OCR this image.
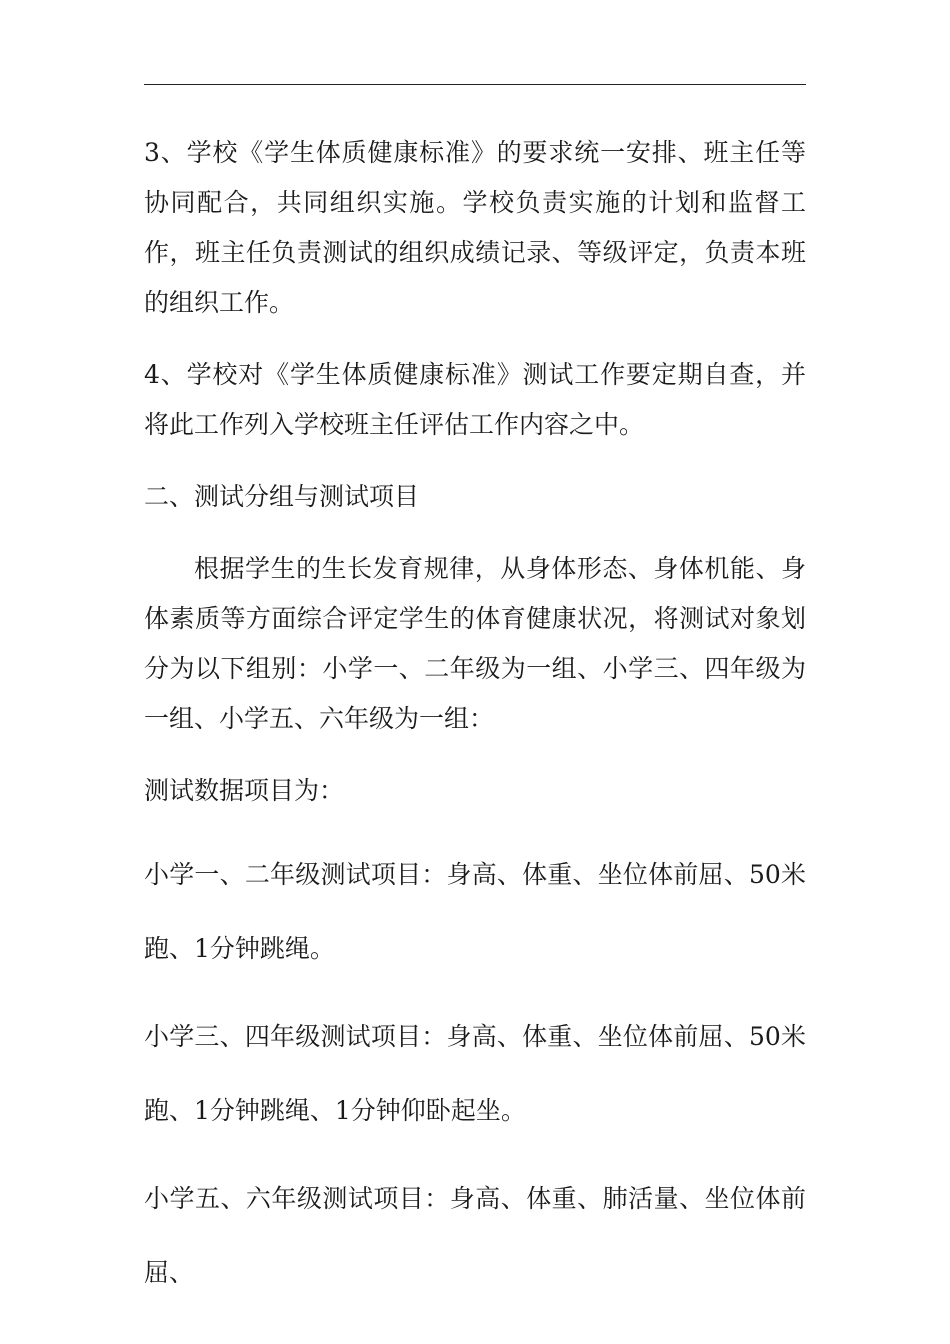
3、学校《学生体质健康标准》的要求统一安排、班主任等协同配合，共同组织实施。学校负责实施的计划和监督工作，班主任负责测试的组织成绩记录、等级评定，负责本班的组织工作。

4、学校对《学生体质健康标准》测试工作要定期自查，并将此工作列入学校班主任评估工作内容之中。

二、测试分组与测试项目

根据学生的生长发育规律，从身体形态、身体机能、身体素质等方面综合评定学生的体育健康状况，将测试对象划分为以下组别：小学一、二年级为一组、小学三、四年级为一组、小学五、六年级为一组：

测试数据项目为：

小学一、二年级测试项目：身高、体重、坐位体前屈、50米跑、1分钟跳绳。

小学三、四年级测试项目：身高、体重、坐位体前屈、50米跑、1分钟跳绳、1分钟仰卧起坐。

小学五、六年级测试项目：身高、体重、肺活量、坐位体前屈、
